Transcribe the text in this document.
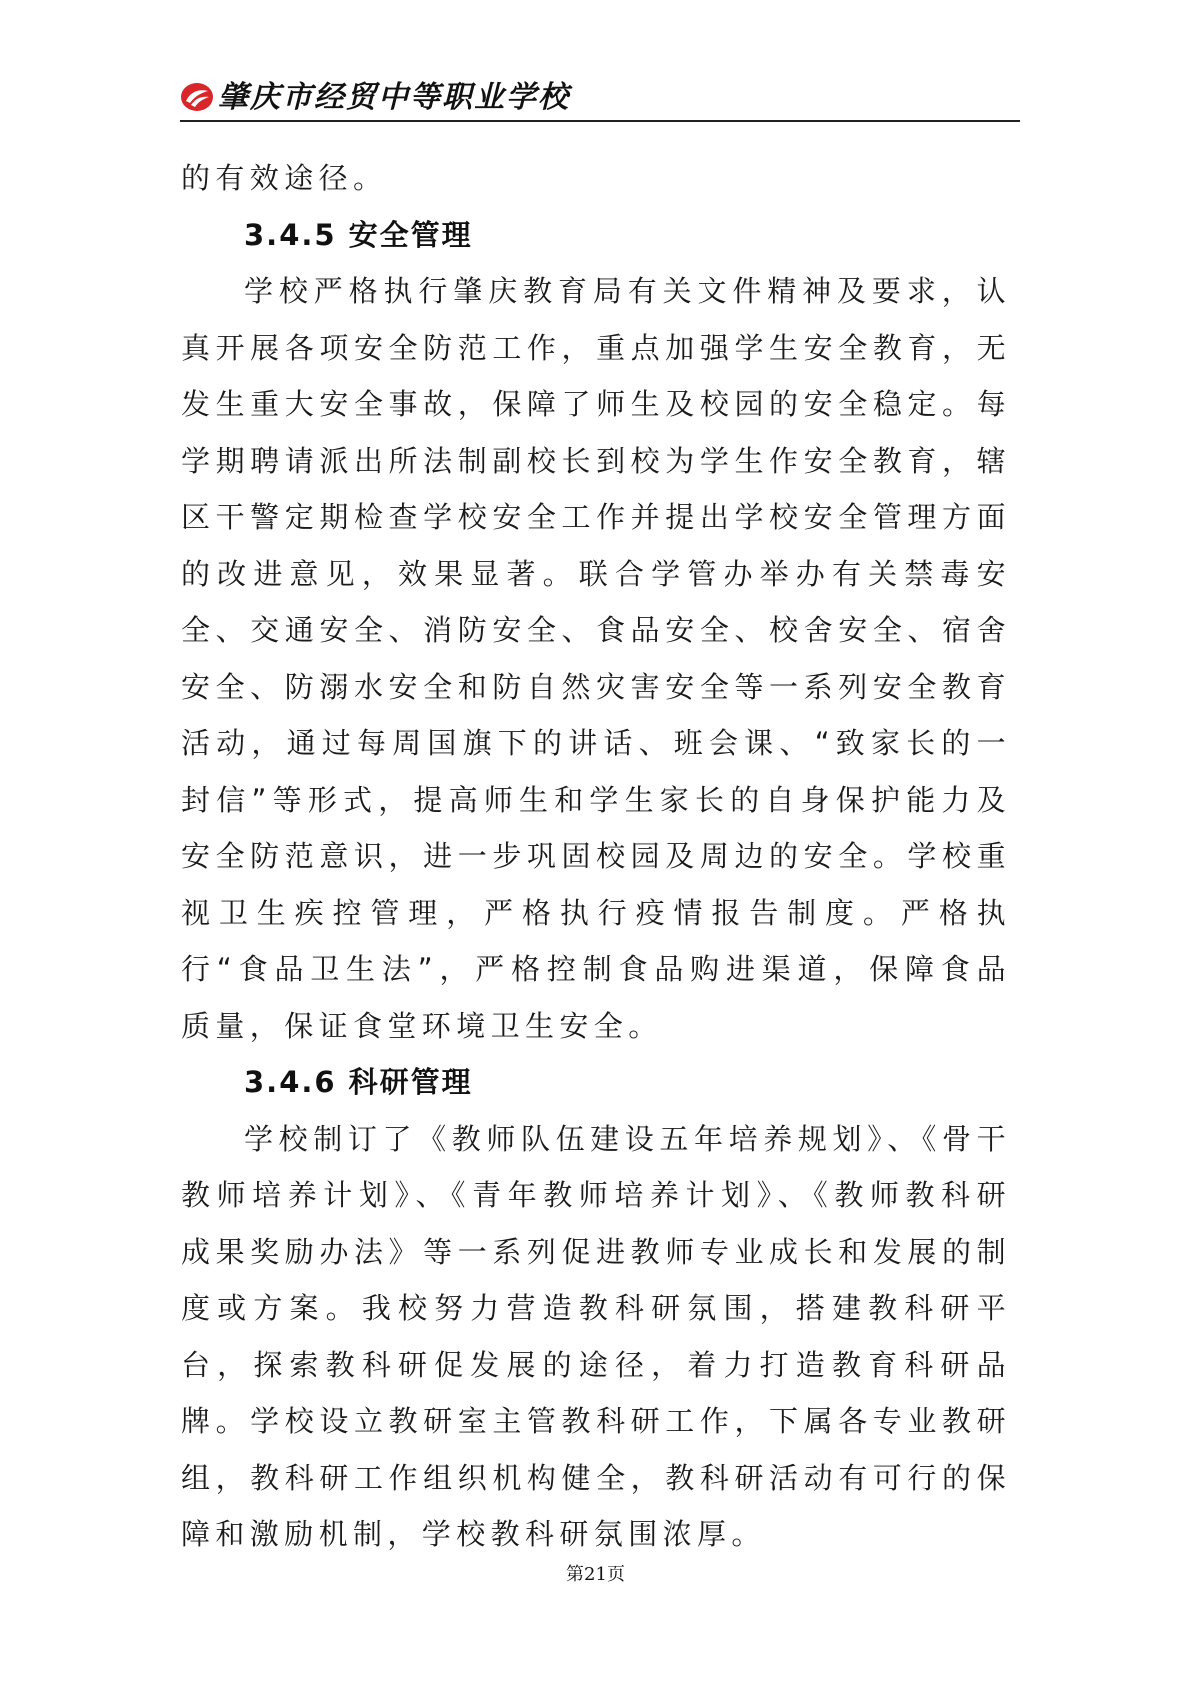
肇庆市经贸中等职业学校

的有效途径。

3.4.5 安全管理

学校严格执行肇庆教育局有关文件精神及要求，认真开展各项安全防范工作，重点加强学生安全教育，无发生重大安全事故，保障了师生及校园的安全稳定。每学期聘请派出所法制副校长到校为学生作安全教育，辖区干警定期检查学校安全工作并提出学校安全管理方面的改进意见，效果显著。联合学管办举办有关禁毒安全、交通安全、消防安全、食品安全、校舍安全、宿舍安全、防溺水安全和防自然灾害安全等一系列安全教育活动，通过每周国旗下的讲话、班会课、“致家长的一封信”等形式，提高师生和学生家长的自身保护能力及安全防范意识，进一步巩固校园及周边的安全。学校重视卫生疾控管理，严格执行疫情报告制度。严格执行“食品卫生法”，严格控制食品购进渠道，保障食品质量，保证食堂环境卫生安全。

3.4.6 科研管理

学校制订了《教师队伍建设五年培养规划》、《骨干教师培养计划》、《青年教师培养计划》、《教师教科研成果奖励办法》等一系列促进教师专业成长和发展的制度或方案。我校努力营造教科研氛围，搭建教科研平台，探索教科研促发展的途径，着力打造教育科研品牌。学校设立教研室主管教科研工作，下属各专业教研组，教科研工作组织机构健全，教科研活动有可行的保障和激励机制，学校教科研氛围浓厚。

第21页
